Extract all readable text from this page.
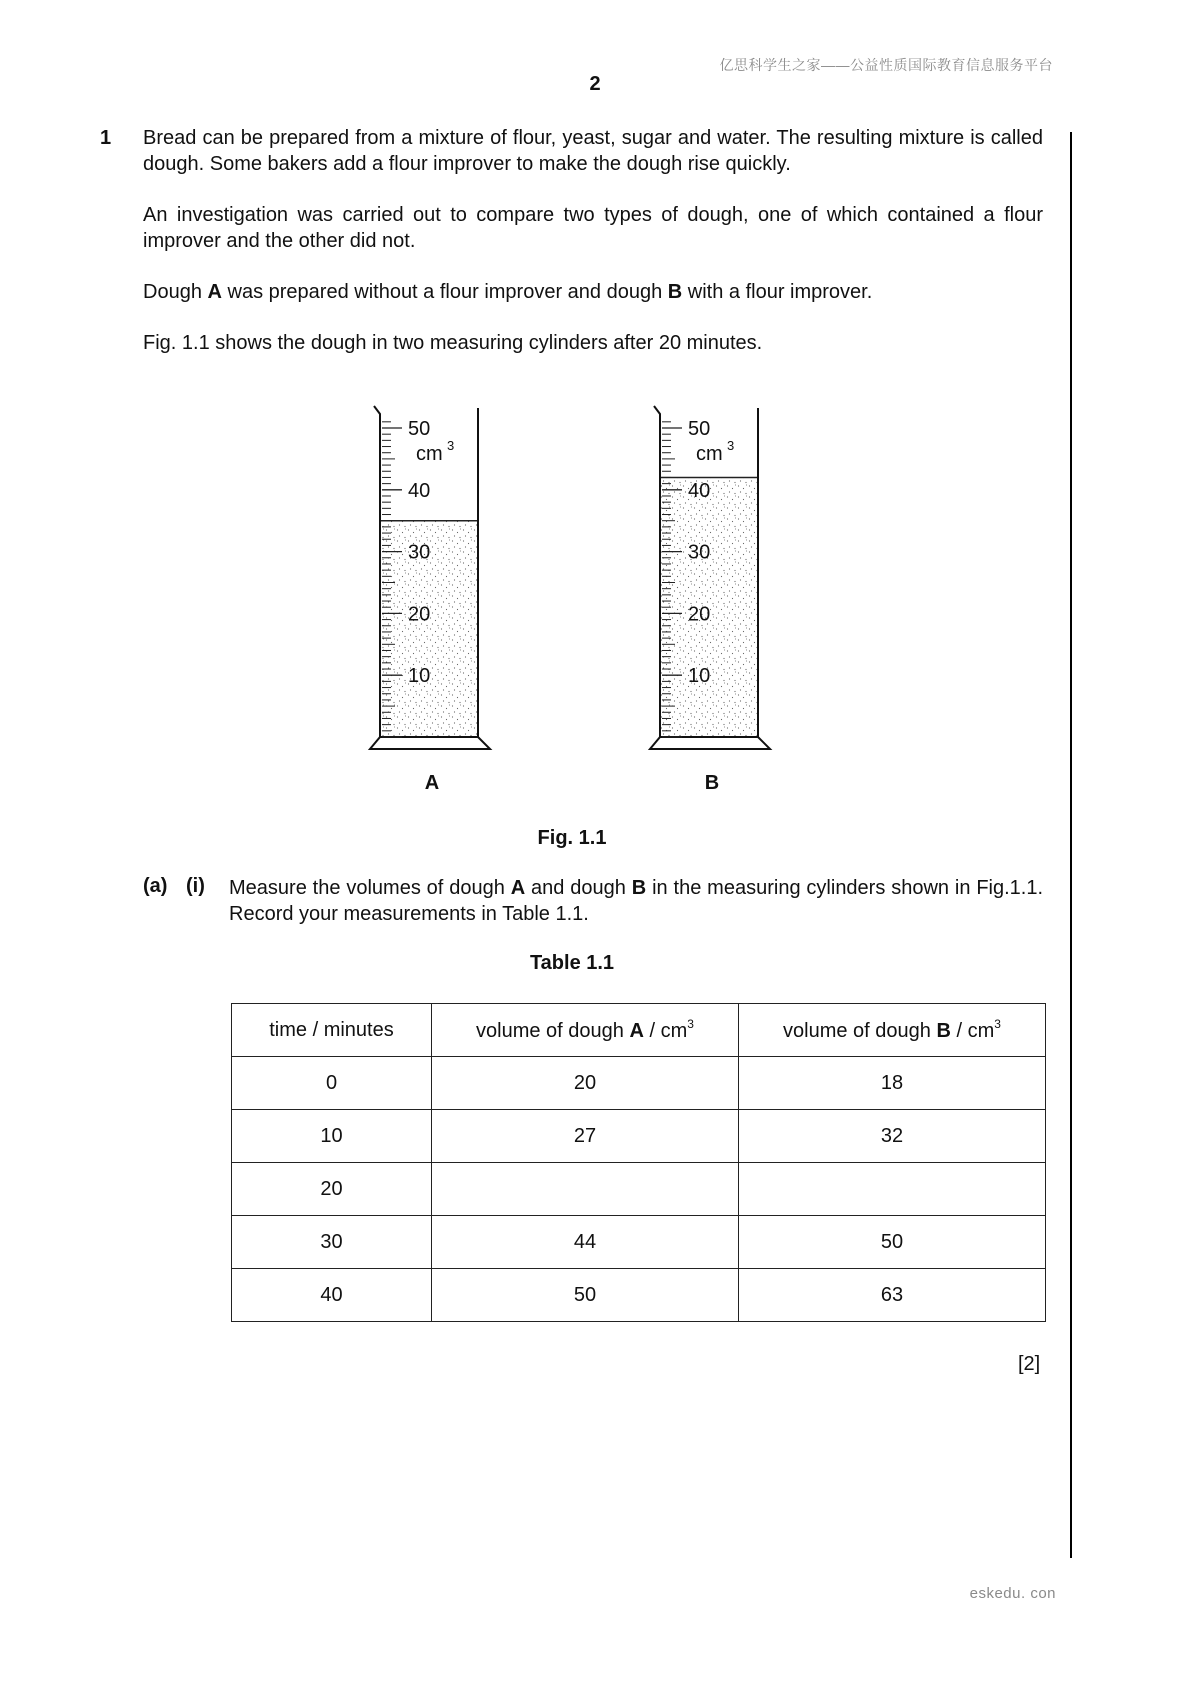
亿思科学生之家——公益性质国际教育信息服务平台
2
1 Bread can be prepared from a mixture of flour, yeast, sugar and water. The resulting mixture is called dough. Some bakers add a flour improver to make the dough rise quickly.
An investigation was carried out to compare two types of dough, one of which contained a flour improver and the other did not.
Dough A was prepared without a flour improver and dough B with a flour improver.
Fig. 1.1 shows the dough in two measuring cylinders after 20 minutes.
50
cm 3
40
30
20
10
50
cm 3
40
30
20
10
A	B
Fig. 1.1
(a) (i) Measure the volumes of dough A and dough B in the measuring cylinders shown in Fig.1.1. Record your measurements in Table 1.1.
Table 1.1
time / minutes	volume of dough A / $cm^3$	volume of dough B / $cm^3$
0	20	18
10	27	32
20		
30	44	50
40	50	63
[2]
eskedu. con
